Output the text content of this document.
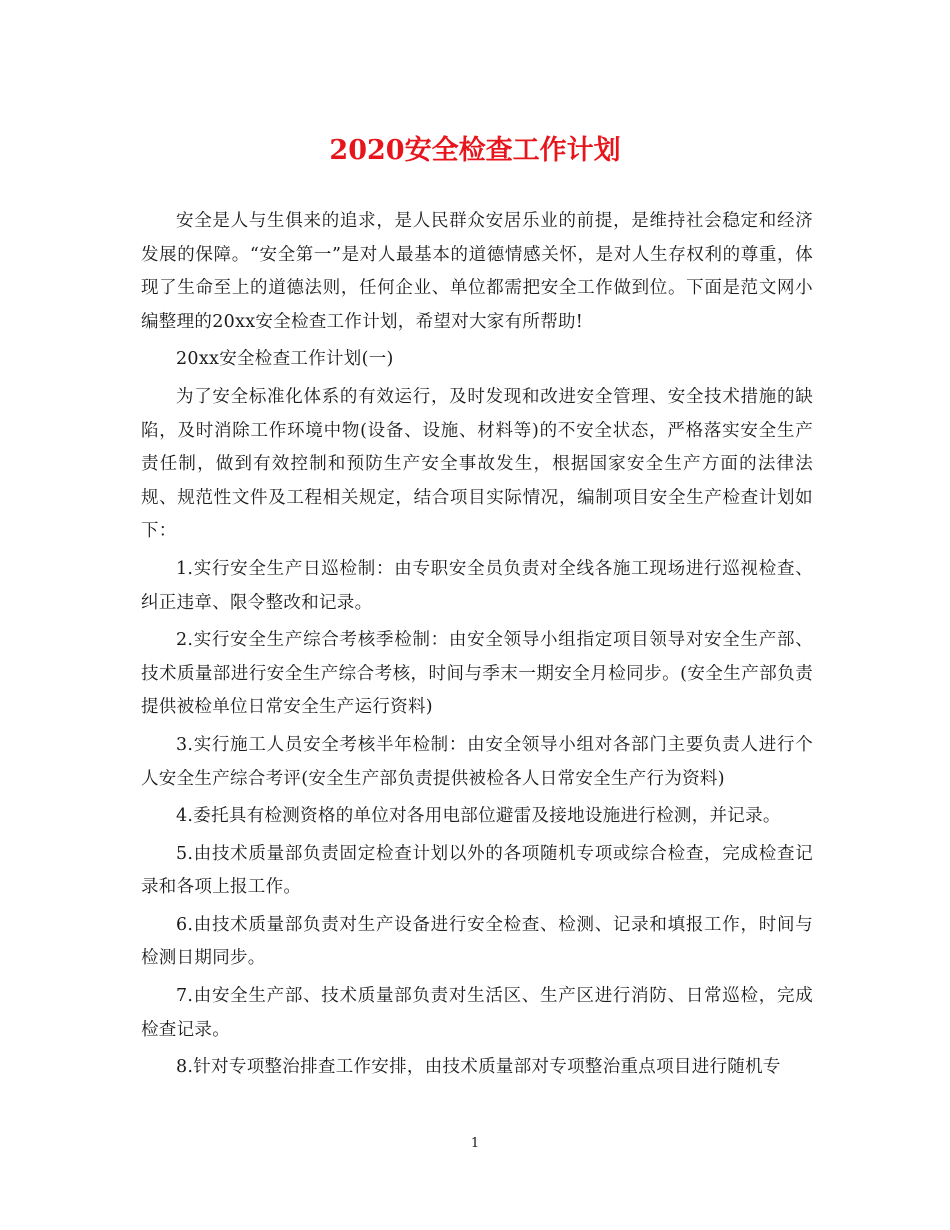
2020安全检查工作计划

安全是人与生俱来的追求，是人民群众安居乐业的前提，是维持社会稳定和经济发展的保障。“安全第一”是对人最基本的道德情感关怀，是对人生存权利的尊重，体现了生命至上的道德法则，任何企业、单位都需把安全工作做到位。下面是范文网小编整理的20xx安全检查工作计划，希望对大家有所帮助!

20xx安全检查工作计划(一)

为了安全标准化体系的有效运行，及时发现和改进安全管理、安全技术措施的缺陷，及时消除工作环境中物(设备、设施、材料等)的不安全状态，严格落实安全生产责任制，做到有效控制和预防生产安全事故发生，根据国家安全生产方面的法律法规、规范性文件及工程相关规定，结合项目实际情况，编制项目安全生产检查计划如下：

1.实行安全生产日巡检制：由专职安全员负责对全线各施工现场进行巡视检查、纠正违章、限令整改和记录。

2.实行安全生产综合考核季检制：由安全领导小组指定项目领导对安全生产部、技术质量部进行安全生产综合考核，时间与季末一期安全月检同步。(安全生产部负责提供被检单位日常安全生产运行资料)

3.实行施工人员安全考核半年检制：由安全领导小组对各部门主要负责人进行个人安全生产综合考评(安全生产部负责提供被检各人日常安全生产行为资料)

4.委托具有检测资格的单位对各用电部位避雷及接地设施进行检测，并记录。

5.由技术质量部负责固定检查计划以外的各项随机专项或综合检查，完成检查记录和各项上报工作。

6.由技术质量部负责对生产设备进行安全检查、检测、记录和填报工作，时间与检测日期同步。

7.由安全生产部、技术质量部负责对生活区、生产区进行消防、日常巡检，完成检查记录。

8.针对专项整治排查工作安排，由技术质量部对专项整治重点项目进行随机专

1
